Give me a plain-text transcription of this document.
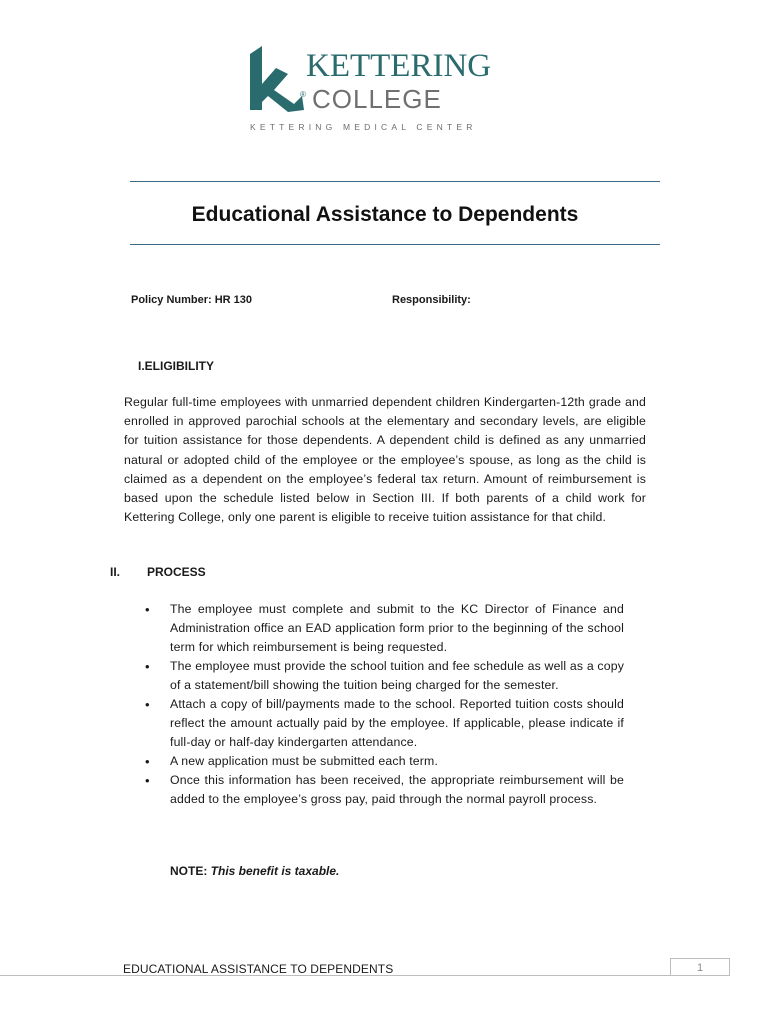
KETTERING
® COLLEGE
KETTERING MEDICAL CENTER
Educational Assistance to Dependents
Policy Number: HR 130	Responsibility:
I.ELIGIBILITY

Regular full-time employees with unmarried dependent children Kindergarten-12th grade and enrolled in approved parochial schools at the elementary and secondary levels, are eligible for tuition assistance for those dependents. A dependent child is defined as any unmarried natural or adopted child of the employee or the employee’s spouse, as long as the child is claimed as a dependent on the employee’s federal tax return. Amount of reimbursement is based upon the schedule listed below in Section III. If both parents of a child work for Kettering College, only one parent is eligible to receive tuition assistance for that child.

II. PROCESS
• The employee must complete and submit to the KC Director of Finance and Administration office an EAD application form prior to the beginning of the school term for which reimbursement is being requested.
• The employee must provide the school tuition and fee schedule as well as a copy of a statement/bill showing the tuition being charged for the semester.
• Attach a copy of bill/payments made to the school. Reported tuition costs should reflect the amount actually paid by the employee. If applicable, please indicate if full-day or half-day kindergarten attendance.
• A new application must be submitted each term.
• Once this information has been received, the appropriate reimbursement will be added to the employee’s gross pay, paid through the normal payroll process.

NOTE: This benefit is taxable.

EDUCATIONAL ASSISTANCE TO DEPENDENTS	1
